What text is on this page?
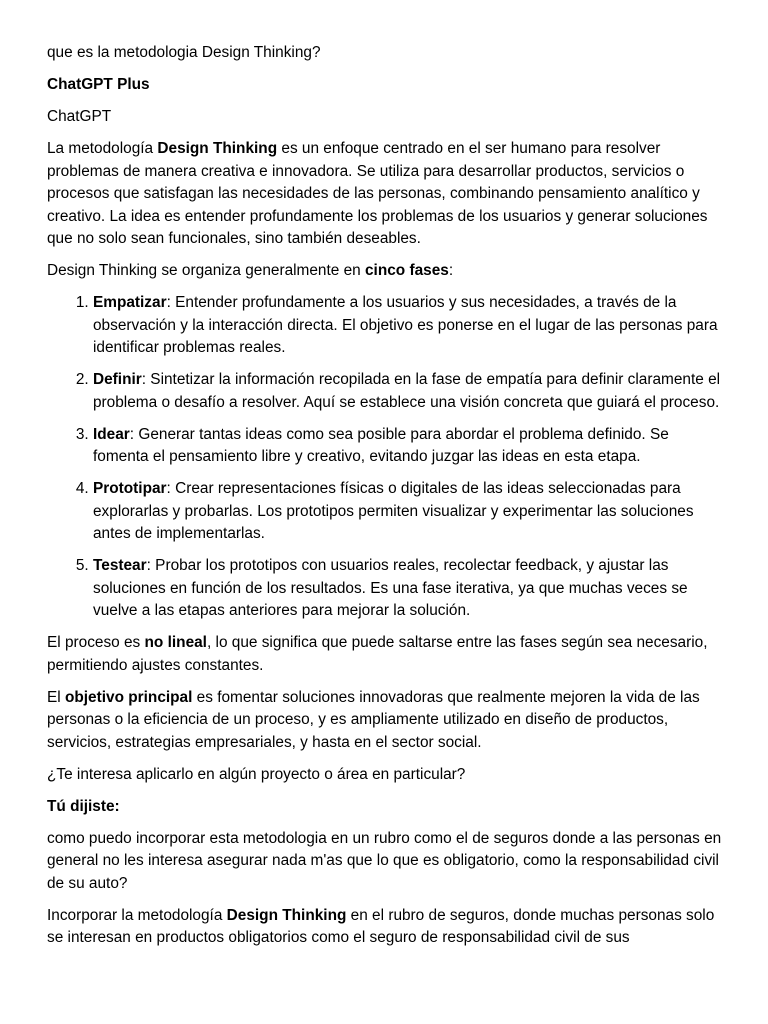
que es la metodologia Design Thinking?

ChatGPT Plus

ChatGPT

La metodología Design Thinking es un enfoque centrado en el ser humano para resolver problemas de manera creativa e innovadora. Se utiliza para desarrollar productos, servicios o procesos que satisfagan las necesidades de las personas, combinando pensamiento analítico y creativo. La idea es entender profundamente los problemas de los usuarios y generar soluciones que no solo sean funcionales, sino también deseables.

Design Thinking se organiza generalmente en cinco fases:

1. Empatizar: Entender profundamente a los usuarios y sus necesidades, a través de la observación y la interacción directa. El objetivo es ponerse en el lugar de las personas para identificar problemas reales.
2. Definir: Sintetizar la información recopilada en la fase de empatía para definir claramente el problema o desafío a resolver. Aquí se establece una visión concreta que guiará el proceso.
3. Idear: Generar tantas ideas como sea posible para abordar el problema definido. Se fomenta el pensamiento libre y creativo, evitando juzgar las ideas en esta etapa.
4. Prototipar: Crear representaciones físicas o digitales de las ideas seleccionadas para explorarlas y probarlas. Los prototipos permiten visualizar y experimentar las soluciones antes de implementarlas.
5. Testear: Probar los prototipos con usuarios reales, recolectar feedback, y ajustar las soluciones en función de los resultados. Es una fase iterativa, ya que muchas veces se vuelve a las etapas anteriores para mejorar la solución.

El proceso es no lineal, lo que significa que puede saltarse entre las fases según sea necesario, permitiendo ajustes constantes.

El objetivo principal es fomentar soluciones innovadoras que realmente mejoren la vida de las personas o la eficiencia de un proceso, y es ampliamente utilizado en diseño de productos, servicios, estrategias empresariales, y hasta en el sector social.

¿Te interesa aplicarlo en algún proyecto o área en particular?

Tú dijiste:

como puedo incorporar esta metodologia en un rubro como el de seguros donde a las personas en general no les interesa asegurar nada m'as que lo que es obligatorio, como la responsabilidad civil de su auto?

Incorporar la metodología Design Thinking en el rubro de seguros, donde muchas personas solo se interesan en productos obligatorios como el seguro de responsabilidad civil de sus
